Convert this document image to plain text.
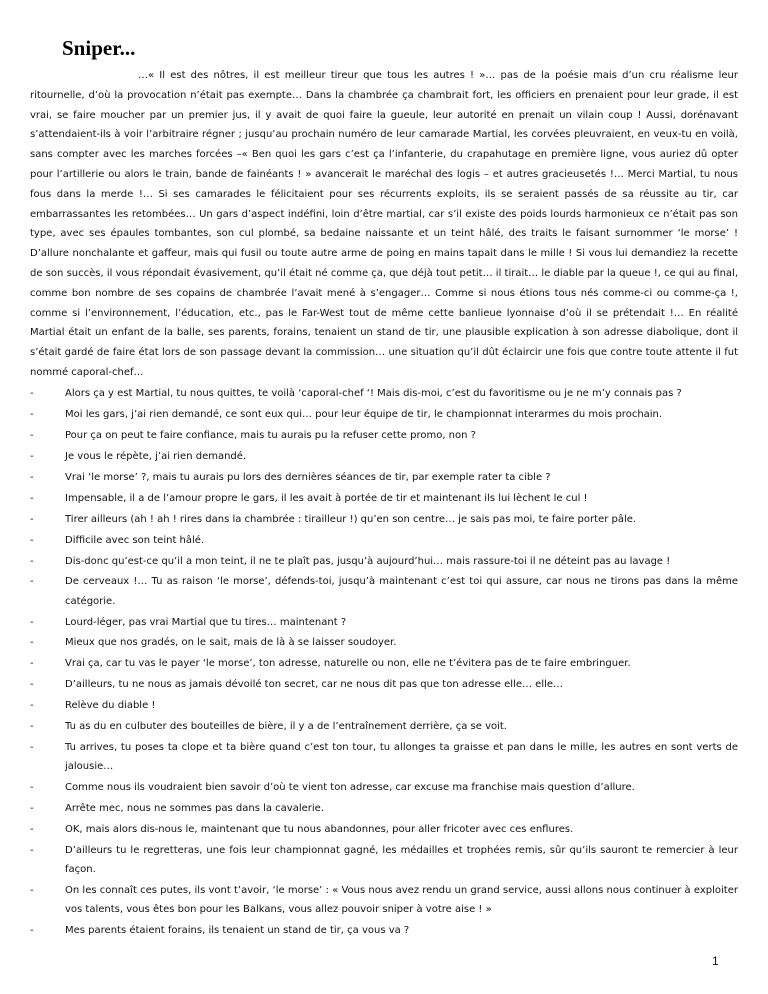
Sniper...

…« Il est des nôtres, il est meilleur tireur que tous les autres ! »… pas de la poésie mais d’un cru réalisme leur ritournelle, d’où la provocation n’était pas exempte… Dans la chambrée ça chambrait fort, les officiers en prenaient pour leur grade, il est vrai, se faire moucher par un premier jus, il y avait de quoi faire la gueule, leur autorité en prenait un vilain coup ! Aussi, dorénavant s’attendaient-ils à voir l’arbitraire régner ; jusqu’au prochain numéro de leur camarade Martial, les corvées pleuvraient, en veux-tu en voilà, sans compter avec les marches forcées –« Ben quoi les gars c’est ça l’infanterie, du crapahutage en première ligne, vous auriez dû opter pour l’artillerie ou alors le train, bande de fainéants ! » avancerait le maréchal des logis – et autres gracieusetés !… Merci Martial, tu nous fous dans la merde !… Si ses camarades le félicitaient pour ses récurrents exploits, ils se seraient passés de sa réussite au tir, car embarrassantes les retombées… Un gars d’aspect indéfini, loin d’être martial, car s’il existe des poids lourds harmonieux ce n’était pas son type, avec ses épaules tombantes, son cul plombé, sa bedaine naissante et un teint hâlé, des traits le faisant surnommer ‘le morse’ ! D’allure nonchalante et gaffeur, mais qui fusil ou toute autre arme de poing en mains tapait dans le mille ! Si vous lui demandiez la recette de son succès, il vous répondait évasivement, qu’il était né comme ça, que déjà tout petit… il tirait… le diable par la queue !, ce qui au final, comme bon nombre de ses copains de chambrée l’avait mené à s’engager… Comme si nous étions tous nés comme-ci ou comme-ça !, comme si l’environnement, l’éducation, etc., pas le Far-West tout de même cette banlieue lyonnaise d’où il se prétendait !… En réalité Martial était un enfant de la balle, ses parents, forains, tenaient un stand de tir, une plausible explication à son adresse diabolique, dont il s’était gardé de faire état lors de son passage devant la commission… une situation qu’il dût éclaircir une fois que contre toute attente il fut nommé caporal-chef…

-	Alors ça y est Martial, tu nous quittes, te voilà ‘caporal-chef ‘! Mais dis-moi, c’est du favoritisme ou je ne m’y connais pas ?
-	Moi les gars, j’ai rien demandé, ce sont eux qui… pour leur équipe de tir, le championnat interarmes du mois prochain.
-	Pour ça on peut te faire confiance, mais tu aurais pu la refuser cette promo, non ?
-	Je vous le répète, j’ai rien demandé.
-	Vrai ‘le morse’ ?, mais tu aurais pu lors des dernières séances de tir, par exemple rater ta cible ?
-	Impensable, il a de l’amour propre le gars, il les avait à portée de tir et maintenant ils lui lèchent le cul !
-	Tirer ailleurs (ah ! ah ! rires dans la chambrée : tirailleur !) qu’en son centre… je sais pas moi, te faire porter pâle.
-	Difficile avec son teint hâlé.
-	Dis-donc qu’est-ce qu’il a mon teint, il ne te plaît pas, jusqu’à aujourd’hui… mais rassure-toi il ne déteint pas au lavage !
-	De cerveaux !… Tu as raison ‘le morse’, défends-toi, jusqu’à maintenant c’est toi qui assure, car nous ne tirons pas dans la même catégorie.
-	Lourd-léger, pas vrai Martial que tu tires… maintenant ?
-	Mieux que nos gradés, on le sait, mais de là à se laisser soudoyer.
-	Vrai ça, car tu vas le payer ‘le morse’, ton adresse, naturelle ou non, elle ne t’évitera pas de te faire embringuer.
-	D’ailleurs, tu ne nous as jamais dévoilé ton secret, car ne nous dit pas que ton adresse elle… elle…
-	Relève du diable !
-	Tu as du en culbuter des bouteilles de bière, il y a de l’entraînement derrière, ça se voit.
-	Tu arrives, tu poses ta clope et ta bière quand c’est ton tour, tu allonges ta graisse et pan dans le mille, les autres en sont verts de jalousie…
-	Comme nous ils voudraient bien savoir d’où te vient ton adresse, car excuse ma franchise mais question d’allure.
-	Arrête mec, nous ne sommes pas dans la cavalerie.
-	OK, mais alors dis-nous le, maintenant que tu nous abandonnes, pour aller fricoter avec ces enflures.
-	D’ailleurs tu le regretteras, une fois leur championnat gagné, les médailles et trophées remis, sûr qu’ils sauront te remercier à leur façon.
-	On les connaît ces putes, ils vont t’avoir, ‘le morse’ : « Vous nous avez rendu un grand service, aussi allons nous continuer à exploiter vos talents, vous êtes bon pour les Balkans, vous allez pouvoir sniper à votre aise ! »
-	Mes parents étaient forains, ils tenaient un stand de tir, ça vous va ?
1
